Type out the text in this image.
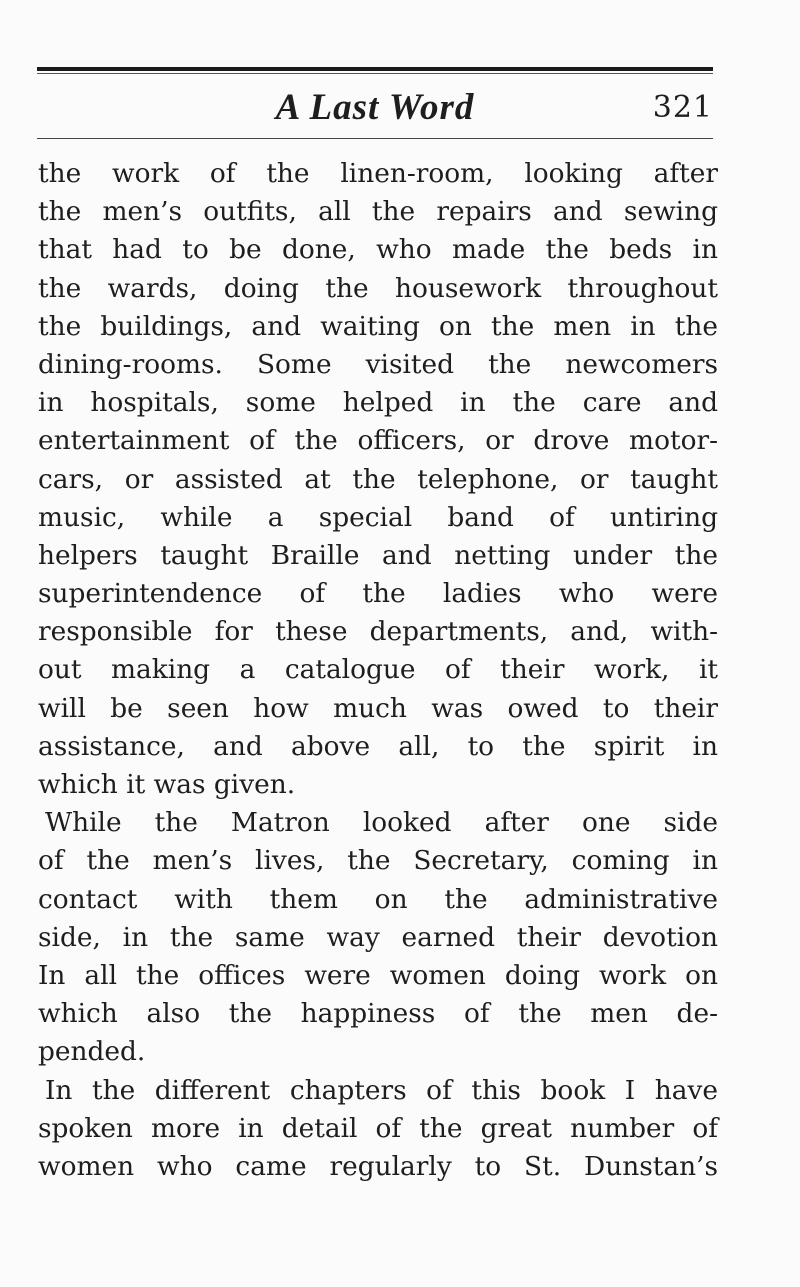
A Last Word	321
the work of the linen-room, looking after
the men’s outfits, all the repairs and sewing
that had to be done, who made the beds in
the wards, doing the housework throughout
the buildings, and waiting on the men in the
dining-rooms. Some visited the newcomers
in hospitals, some helped in the care and
entertainment of the officers, or drove motor-
cars, or assisted at the telephone, or taught
music, while a special band of untiring
helpers taught Braille and netting under the
superintendence of the ladies who were
responsible for these departments, and, with-
out making a catalogue of their work, it
will be seen how much was owed to their
assistance, and above all, to the spirit in
which it was given.
While the Matron looked after one side
of the men’s lives, the Secretary, coming in
contact with them on the administrative
side, in the same way earned their devotion
In all the offices were women doing work on
which also the happiness of the men de-
pended.
In the different chapters of this book I have
spoken more in detail of the great number of
women who came regularly to St. Dunstan’s
